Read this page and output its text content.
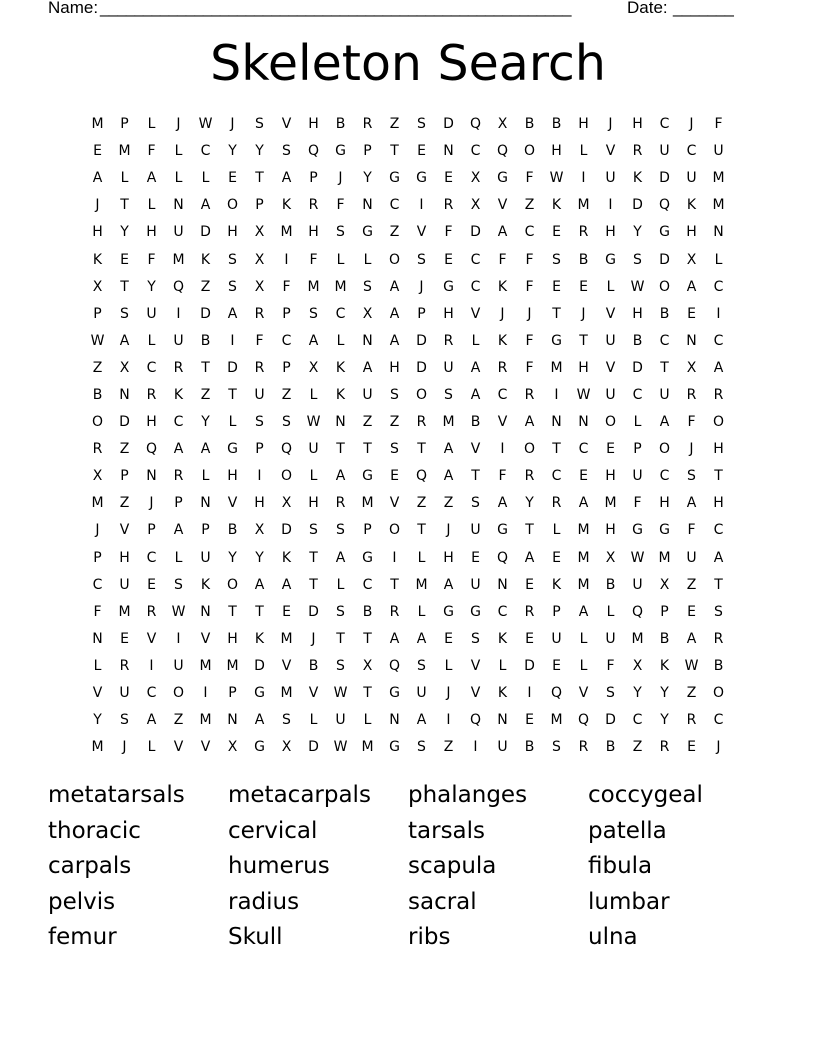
Name: _______________________________________________________	Date: _______
Skeleton Search
M	P	L	J	W	J	S	V	H	B	R	Z	S	D	Q	X	B	B	H	J	H	C	J	F
E	M	F	L	C	Y	Y	S	Q	G	P	T	E	N	C	Q	O	H	L	V	R	U	C	U
A	L	A	L	L	E	T	A	P	J	Y	G	G	E	X	G	F	W	I	U	K	D	U	M
J	T	L	N	A	O	P	K	R	F	N	C	I	R	X	V	Z	K	M	I	D	Q	K	M
H	Y	H	U	D	H	X	M	H	S	G	Z	V	F	D	A	C	E	R	H	Y	G	H	N
K	E	F	M	K	S	X	I	F	L	L	O	S	E	C	F	F	S	B	G	S	D	X	L
X	T	Y	Q	Z	S	X	F	M	M	S	A	J	G	C	K	F	E	E	L	W	O	A	C
P	S	U	I	D	A	R	P	S	C	X	A	P	H	V	J	J	T	J	V	H	B	E	I
W	A	L	U	B	I	F	C	A	L	N	A	D	R	L	K	F	G	T	U	B	C	N	C
Z	X	C	R	T	D	R	P	X	K	A	H	D	U	A	R	F	M	H	V	D	T	X	A
B	N	R	K	Z	T	U	Z	L	K	U	S	O	S	A	C	R	I	W	U	C	U	R	R
O	D	H	C	Y	L	S	S	W	N	Z	Z	R	M	B	V	A	N	N	O	L	A	F	O
R	Z	Q	A	A	G	P	Q	U	T	T	S	T	A	V	I	O	T	C	E	P	O	J	H
X	P	N	R	L	H	I	O	L	A	G	E	Q	A	T	F	R	C	E	H	U	C	S	T
M	Z	J	P	N	V	H	X	H	R	M	V	Z	Z	S	A	Y	R	A	M	F	H	A	H
J	V	P	A	P	B	X	D	S	S	P	O	T	J	U	G	T	L	M	H	G	G	F	C
P	H	C	L	U	Y	Y	K	T	A	G	I	L	H	E	Q	A	E	M	X	W	M	U	A
C	U	E	S	K	O	A	A	T	L	C	T	M	A	U	N	E	K	M	B	U	X	Z	T
F	M	R	W	N	T	T	E	D	S	B	R	L	G	G	C	R	P	A	L	Q	P	E	S
N	E	V	I	V	H	K	M	J	T	T	A	A	E	S	K	E	U	L	U	M	B	A	R
L	R	I	U	M	M	D	V	B	S	X	Q	S	L	V	L	D	E	L	F	X	K	W	B
V	U	C	O	I	P	G	M	V	W	T	G	U	J	V	K	I	Q	V	S	Y	Y	Z	O
Y	S	A	Z	M	N	A	S	L	U	L	N	A	I	Q	N	E	M	Q	D	C	Y	R	C
M	J	L	V	V	X	G	X	D	W	M	G	S	Z	I	U	B	S	R	B	Z	R	E	J
metatarsals	metacarpals	phalanges	coccygeal
thoracic	cervical	tarsals	patella
carpals	humerus	scapula	fibula
pelvis	radius	sacral	lumbar
femur	Skull	ribs	ulna
